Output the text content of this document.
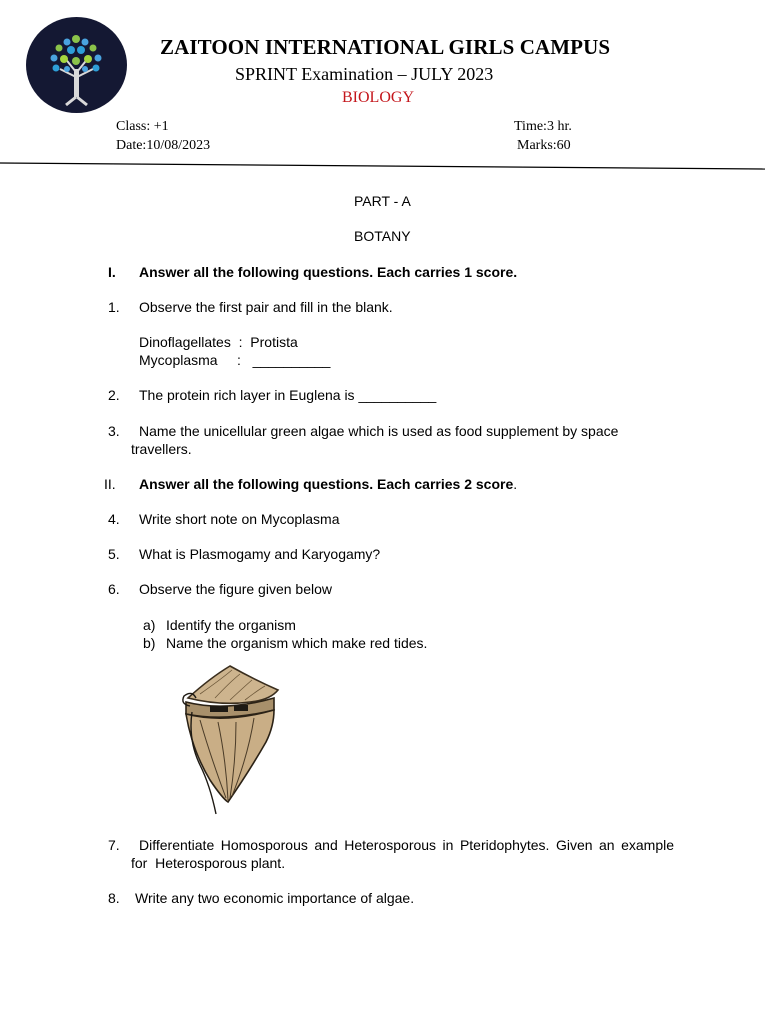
ZAITOON INTERNATIONAL GIRLS CAMPUS
SPRINT Examination – JULY 2023
BIOLOGY
Class: +1
Date:10/08/2023
Time:3 hr.
Marks:60
PART - A
BOTANY
I. Answer all the following questions. Each carries 1 score.
1. Observe the first pair and fill in the blank.
Dinoflagellates  :  Protista
Mycoplasma     :   __________
2. The protein rich layer in Euglena is __________
3. Name the unicellular green algae which is used as food supplement by space
travellers.
II. Answer all the following questions. Each carries 2 score.
4. Write short note on Mycoplasma
5. What is Plasmogamy and Karyogamy?
6. Observe the figure given below
a) Identify the organism
b) Name the organism which make red tides.
7. Differentiate Homosporous and Heterosporous in Pteridophytes. Given an example
for  Heterosporous plant.
8. Write any two economic importance of algae.
